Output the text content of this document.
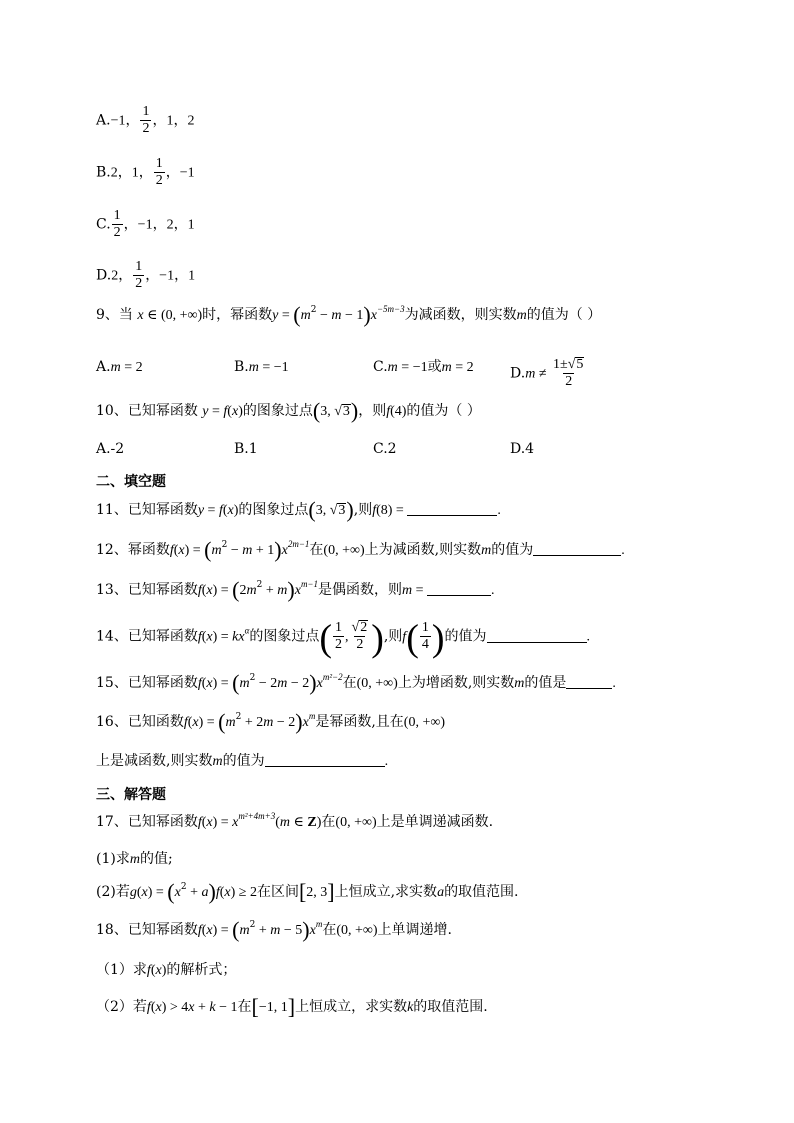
A.−1， $\frac{1}{2}$ ，1，2
B.2，1， $\frac{1}{2}$ ，−1
C. $\frac{1}{2}$ ，−1，2，1
D.2， $\frac{1}{2}$ ，−1，1
9、当 x ∈ (0, +∞)时，幂函数$y = (m^2 - m - 1)x^{-5m-3}$为减函数，则实数m的值为（ ）
A.m = 2	B.m = −1	C.m = −1或m = 2	$D.m \ne \frac{1\pm√5}{2}$
10、已知幂函数 y = f(x)的图象过点(3, √3)，则f(4)的值为（ ）
A.-2	B.1	C.2	D.4
二、填空题
11、已知幂函数y = f(x)的图象过点(3, √3),则f(8) =	.
12、幂函数$f(x) = (m^2 - m + 1)x^{2m-1}$在(0, +∞)上为减函数,则实数m的值为	.
13、已知幂函数$f(x) = (2m^2 + m)x^{m-1}$是偶函数，则m =	.
14、已知幂函数$f(x) = kx^\alpha$的图象过点( $\frac{1}{2}$ , $\frac{√2}{2}$ ),则$f( \frac{1}{4}$ )的值为	.
15、已知幂函数$f(x) = (m^2 - 2m - 2)x^{m^2-2}$在(0, +∞)上为增函数,则实数m的值是	.
16、已知函数$f(x) = (m^2 + 2m - 2)x^m$是幂函数,且在(0, +∞)
上是减函数,则实数m的值为	.
三、解答题
17、已知幂函数$f(x) = x^{m^2+4m+3}(m$ ∈ Z)在(0, +∞)上是单调递减函数.
(1)求m的值;
(2)若$g(x) = (x^2 + a)f(x) \ge 2$在区间[2, 3]上恒成立,求实数a的取值范围.
18、已知幂函数$f(x) = (m^2 + m - 5)x^m$在(0, +∞)上单调递增.
（1）求f(x)的解析式；
（2）若f(x) > 4x + k − 1在[−1, 1]上恒成立，求实数k的取值范围.
